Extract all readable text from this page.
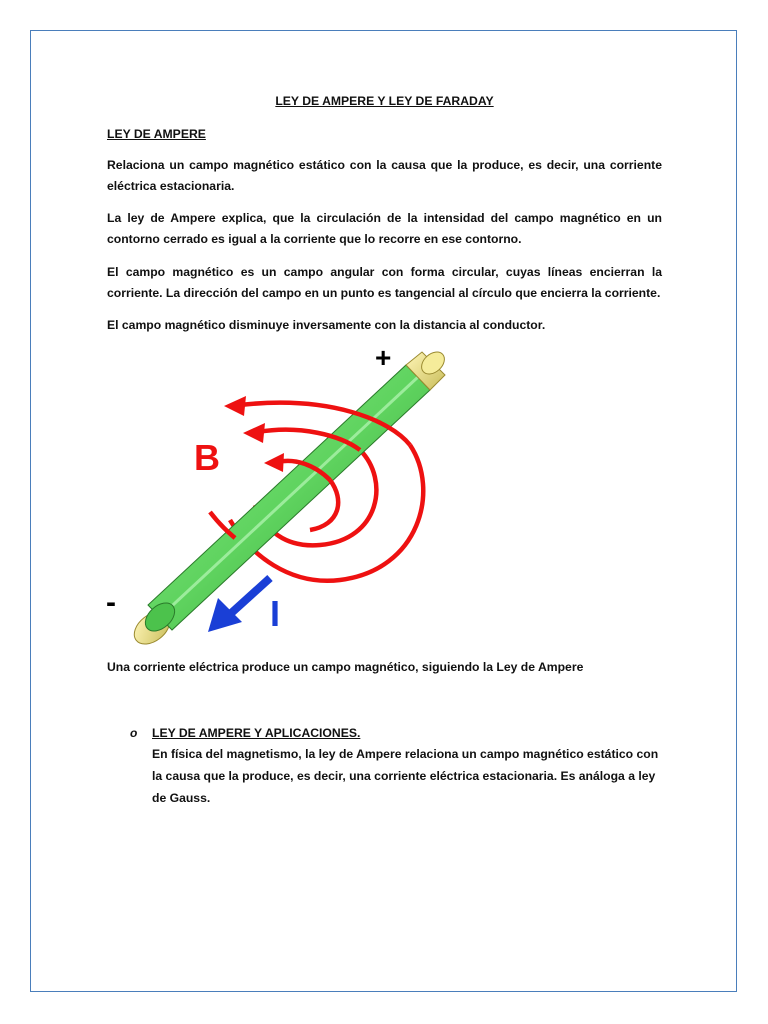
LEY DE AMPERE Y LEY DE FARADAY

LEY DE AMPERE

Relaciona un campo magnético estático con la causa que la produce, es decir, una corriente eléctrica estacionaria.

La ley de Ampere explica, que la circulación de la intensidad del campo magnético en un contorno cerrado es igual a la corriente que lo recorre en ese contorno.

El campo magnético es un campo angular con forma circular, cuyas líneas encierran la corriente. La dirección del campo en un punto es tangencial al círculo que encierra la corriente.

El campo magnético disminuye inversamente con la distancia al conductor.

+
-
B
I

Una corriente eléctrica produce un campo magnético, siguiendo la Ley de Ampere

o LEY DE AMPERE Y APLICACIONES.
En física del magnetismo, la ley de Ampere relaciona un campo magnético estático con la causa que la produce, es decir, una corriente eléctrica estacionaria. Es análoga a ley de Gauss.
